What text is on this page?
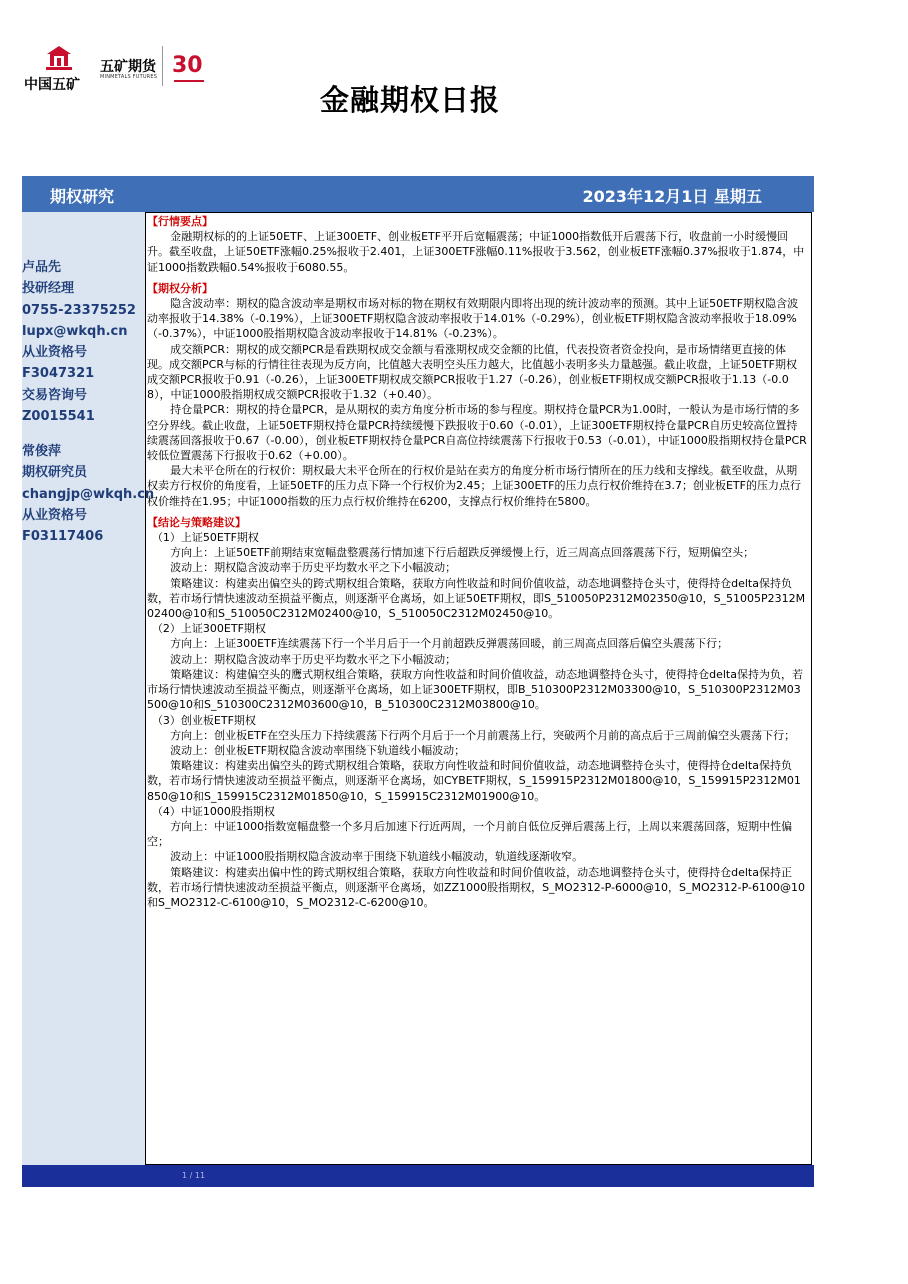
中国五矿
五矿期货
MINMETALS FUTURES 30
金融期权日报
期权研究	2023年12月1日 星期五
卢品先
投研经理
0755-23375252
lupx@wkqh.cn
从业资格号
F3047321
交易咨询号
Z0015541
常俊萍
期权研究员
changjp@wkqh.cn
从业资格号
F03117406

【行情要点】

金融期权标的的上证50ETF、上证300ETF、创业板ETF平开后宽幅震荡；中证1000指数低开后震荡下行，收盘前一小时缓慢回升。截至收盘，上证50ETF涨幅0.25%报收于2.401，上证300ETF涨幅0.11%报收于3.562，创业板ETF涨幅0.37%报收于1.874，中证1000指数跌幅0.54%报收于6080.55。

【期权分析】

隐含波动率：期权的隐含波动率是期权市场对标的物在期权有效期限内即将出现的统计波动率的预测。其中上证50ETF期权隐含波动率报收于14.38%（-0.19%），上证300ETF期权隐含波动率报收于14.01%（-0.29%），创业板ETF期权隐含波动率报收于18.09%（-0.37%），中证1000股指期权隐含波动率报收于14.81%（-0.23%）。

成交额PCR：期权的成交额PCR是看跌期权成交金额与看涨期权成交金额的比值，代表投资者资金投向，是市场情绪更直接的体现。成交额PCR与标的行情往往表现为反方向，比值越大表明空头压力越大，比值越小表明多头力量越强。截止收盘，上证50ETF期权成交额PCR报收于0.91（-0.26），上证300ETF期权成交额PCR报收于1.27（-0.26），创业板ETF期权成交额PCR报收于1.13（-0.08），中证1000股指期权成交额PCR报收于1.32（+0.40）。

持仓量PCR：期权的持仓量PCR，是从期权的卖方角度分析市场的参与程度。期权持仓量PCR为1.00时，一般认为是市场行情的多空分界线。截止收盘，上证50ETF期权持仓量PCR持续缓慢下跌报收于0.60（-0.01），上证300ETF期权持仓量PCR自历史较高位置持续震荡回落报收于0.67（-0.00），创业板ETF期权持仓量PCR自高位持续震荡下行报收于0.53（-0.01），中证1000股指期权持仓量PCR较低位置震荡下行报收于0.62（+0.00）。

最大未平仓所在的行权价：期权最大未平仓所在的行权价是站在卖方的角度分析市场行情所在的压力线和支撑线。截至收盘，从期权卖方行权价的角度看，上证50ETF的压力点下降一个行权价为2.45；上证300ETF的压力点行权价维持在3.7；创业板ETF的压力点行权价维持在1.95；中证1000指数的压力点行权价维持在6200，支撑点行权价维持在5800。

【结论与策略建议】

（1）上证50ETF期权

方向上：上证50ETF前期结束宽幅盘整震荡行情加速下行后超跌反弹缓慢上行，近三周高点回落震荡下行，短期偏空头；

波动上：期权隐含波动率于历史平均数水平之下小幅波动；

策略建议：构建卖出偏空头的跨式期权组合策略，获取方向性收益和时间价值收益，动态地调整持仓头寸，使得持仓delta保持负数，若市场行情快速波动至损益平衡点，则逐渐平仓离场，如上证50ETF期权，即S_510050P2312M02350@10，S_51005P2312M02400@10和S_510050C2312M02400@10，S_510050C2312M02450@10。

（2）上证300ETF期权

方向上：上证300ETF连续震荡下行一个半月后于一个月前超跌反弹震荡回暖，前三周高点回落后偏空头震荡下行；

波动上：期权隐含波动率于历史平均数水平之下小幅波动；

策略建议：构建偏空头的鹰式期权组合策略，获取方向性收益和时间价值收益，动态地调整持仓头寸，使得持仓delta保持为负，若市场行情快速波动至损益平衡点，则逐渐平仓离场，如上证300ETF期权，即B_510300P2312M03300@10，S_510300P2312M03500@10和S_510300C2312M03600@10，B_510300C2312M03800@10。

（3）创业板ETF期权

方向上：创业板ETF在空头压力下持续震荡下行两个月后于一个月前震荡上行，突破两个月前的高点后于三周前偏空头震荡下行；

波动上：创业板ETF期权隐含波动率围绕下轨道线小幅波动；

策略建议：构建卖出偏空头的跨式期权组合策略，获取方向性收益和时间价值收益，动态地调整持仓头寸，使得持仓delta保持负数，若市场行情快速波动至损益平衡点，则逐渐平仓离场，如CYBETF期权，S_159915P2312M01800@10，S_159915P2312M01850@10和S_159915C2312M01850@10，S_159915C2312M01900@10。

（4）中证1000股指期权

方向上：中证1000指数宽幅盘整一个多月后加速下行近两周，一个月前自低位反弹后震荡上行，上周以来震荡回落，短期中性偏空；

波动上：中证1000股指期权隐含波动率于围绕下轨道线小幅波动，轨道线逐渐收窄。

策略建议：构建卖出偏中性的跨式期权组合策略，获取方向性收益和时间价值收益，动态地调整持仓头寸，使得持仓delta保持正数，若市场行情快速波动至损益平衡点，则逐渐平仓离场，如ZZ1000股指期权，S_MO2312-P-6000@10，S_MO2312-P-6100@10和S_MO2312-C-6100@10，S_MO2312-C-6200@10。

1 / 11
